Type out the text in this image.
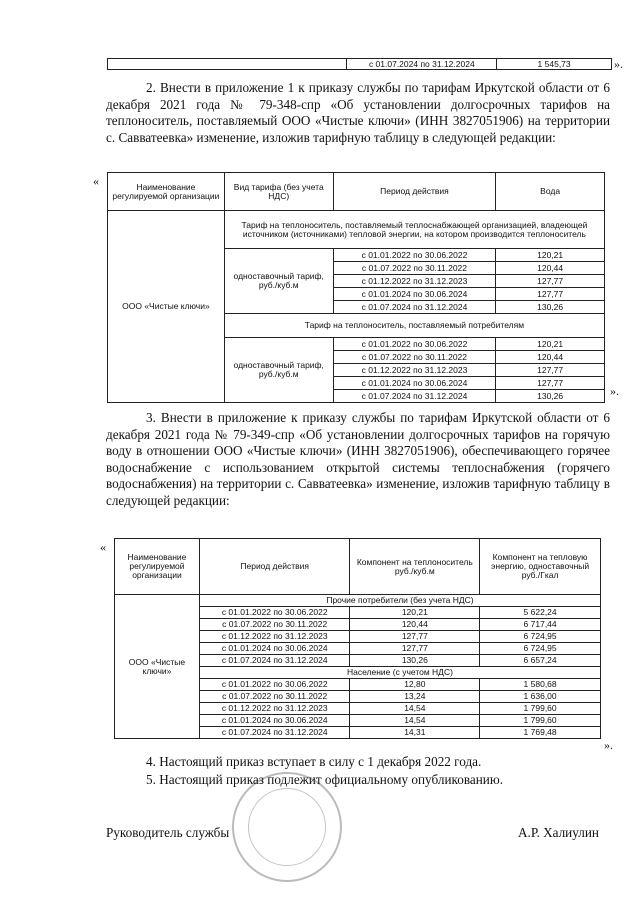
	с 01.07.2024 по 31.12.2024	1 545,73	».
2. Внести в приложение 1 к приказу службы по тарифам Иркутской области от 6 декабря 2021 года № 79-348-спр «Об установлении долгосрочных тарифов на теплоноситель, поставляемый ООО «Чистые ключи» (ИНН 3827051906) на территории с. Савватеевка» изменение, изложив тарифную таблицу в следующей редакции:
«	Наименование регулируемой организации	Вид тарифа (без учета НДС)	Период действия	Вода
ООО «Чистые ключи»	Тариф на теплоноситель, поставляемый теплоснабжающей организацией, владеющей источником (источниками) тепловой энергии, на котором производится теплоноситель		
	одноставочный тариф, руб./куб.м	с 01.01.2022 по 30.06.2022	120,21
		с 01.07.2022 по 30.11.2022	120,44
		с 01.12.2022 по 31.12.2023	127,77
		с 01.01.2024 по 30.06.2024	127,77
		с 01.07.2024 по 31.12.2024	130,26
	Тариф на теплоноситель, поставляемый потребителям		
	одноставочный тариф, руб./куб.м	с 01.01.2022 по 30.06.2022	120,21
		с 01.07.2022 по 30.11.2022	120,44
		с 01.12.2022 по 31.12.2023	127,77
		с 01.01.2024 по 30.06.2024	127,77
		с 01.07.2024 по 31.12.2024	130,26	».
3. Внести в приложение к приказу службы по тарифам Иркутской области от 6 декабря 2021 года № 79-349-спр «Об установлении долгосрочных тарифов на горячую воду в отношении ООО «Чистые ключи» (ИНН 3827051906), обеспечивающего горячее водоснабжение с использованием открытой системы теплоснабжения (горячего водоснабжения) на территории с. Савватеевка» изменение, изложив тарифную таблицу в следующей редакции:
«
Наименование регулируемой организации	Период действия	Компонент на теплоноситель руб./куб.м	Компонент на тепловую энергию, одноставочный руб./Гкал
ООО «Чистые ключи»	Прочие потребители (без учета НДС)		
	с 01.01.2022 по 30.06.2022	120,21	5 622,24
	с 01.07.2022 по 30.11.2022	120,44	6 717,44
	с 01.12.2022 по 31.12.2023	127,77	6 724,95
	с 01.01.2024 по 30.06.2024	127,77	6 724,95
	с 01.07.2024 по 31.12.2024	130,26	6 657,24
	Население (с учетом НДС)		
	с 01.01.2022 по 30.06.2022	12,80	1 580,68
	с 01.07.2022 по 30.11.2022	13,24	1 636,00
	с 01.12.2022 по 31.12.2023	14,54	1 799,60
	с 01.01.2024 по 30.06.2024	14,54	1 799,60
	с 01.07.2024 по 31.12.2024	14,31	1 769,48
».
4. Настоящий приказ вступает в силу с 1 декабря 2022 года.
5. Настоящий приказ подлежит официальному опубликованию.
Руководитель службы	А.Р. Халиулин
